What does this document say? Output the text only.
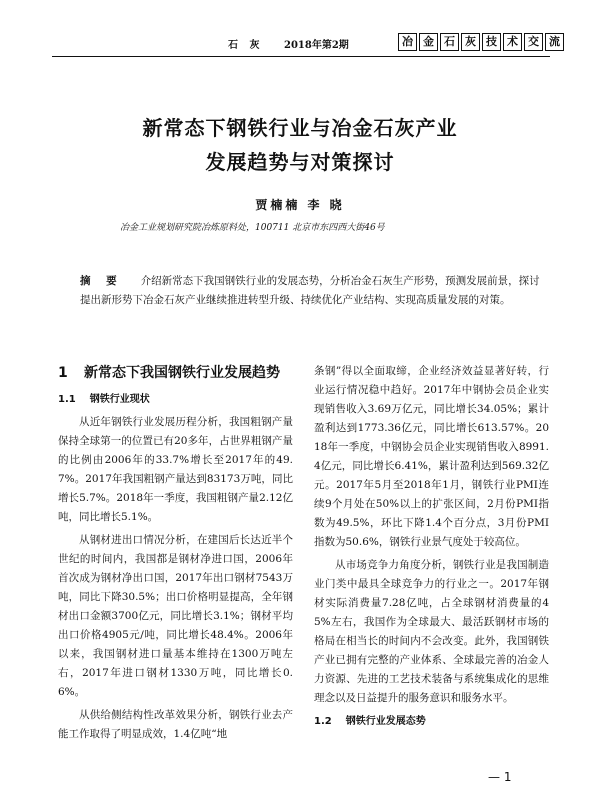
石 灰 2018年第2期	冶 金 石 灰 技 术 交 流
新常态下钢铁行业与冶金石灰产业
发展趋势与对策探讨
贾楠楠 李 晓
冶金工业规划研究院冶炼原料处，100711 北京市东四西大街46号
摘 要 介绍新常态下我国钢铁行业的发展态势，分析冶金石灰生产形势，预测发展前景，探讨提出新形势下冶金石灰产业继续推进转型升级、持续优化产业结构、实现高质量发展的对策。
1	新常态下我国钢铁行业发展趋势
1.1 钢铁行业现状

从近年钢铁行业发展历程分析，我国粗钢产量保持全球第一的位置已有20多年，占世界粗钢产量的比例由2006年的33.7%增长至2017年的49.7%。2017年我国粗钢产量达到83173万吨，同比增长5.7%。2018年一季度，我国粗钢产量2.12亿吨，同比增长5.1%。

从钢材进出口情况分析，在建国后长达近半个世纪的时间内，我国都是钢材净进口国，2006年首次成为钢材净出口国，2017年出口钢材7543万吨，同比下降30.5%；出口价格明显提高，全年钢材出口金额3700亿元，同比增长3.1%；钢材平均出口价格4905元/吨，同比增长48.4%。2006年以来，我国钢材进口量基本维持在1300万吨左右，2017年进口钢材1330万吨，同比增长0.6%。

从供给侧结构性改革效果分析，钢铁行业去产能工作取得了明显成效，1.4亿吨“地

条钢”得以全面取缔，企业经济效益显著好转，行业运行情况稳中趋好。2017年中钢协会员企业实现销售收入3.69万亿元，同比增长34.05%；累计盈利达到1773.36亿元，同比增长613.57%。2018年一季度，中钢协会员企业实现销售收入8991.4亿元，同比增长6.41%，累计盈利达到569.32亿元。2017年5月至2018年1月，钢铁行业PMI连续9个月处在50%以上的扩张区间，2月份PMI指数为49.5%，环比下降1.4个百分点，3月份PMI指数为50.6%，钢铁行业景气度处于较高位。

从市场竞争力角度分析，钢铁行业是我国制造业门类中最具全球竞争力的行业之一。2017年钢材实际消费量7.28亿吨，占全球钢材消费量的45%左右，我国作为全球最大、最活跃钢材市场的格局在相当长的时间内不会改变。此外，我国钢铁产业已拥有完整的产业体系、全球最完善的冶金人力资源、先进的工艺技术装备与系统集成化的思维理念以及日益提升的服务意识和服务水平。

1.2 钢铁行业发展态势
— 1
